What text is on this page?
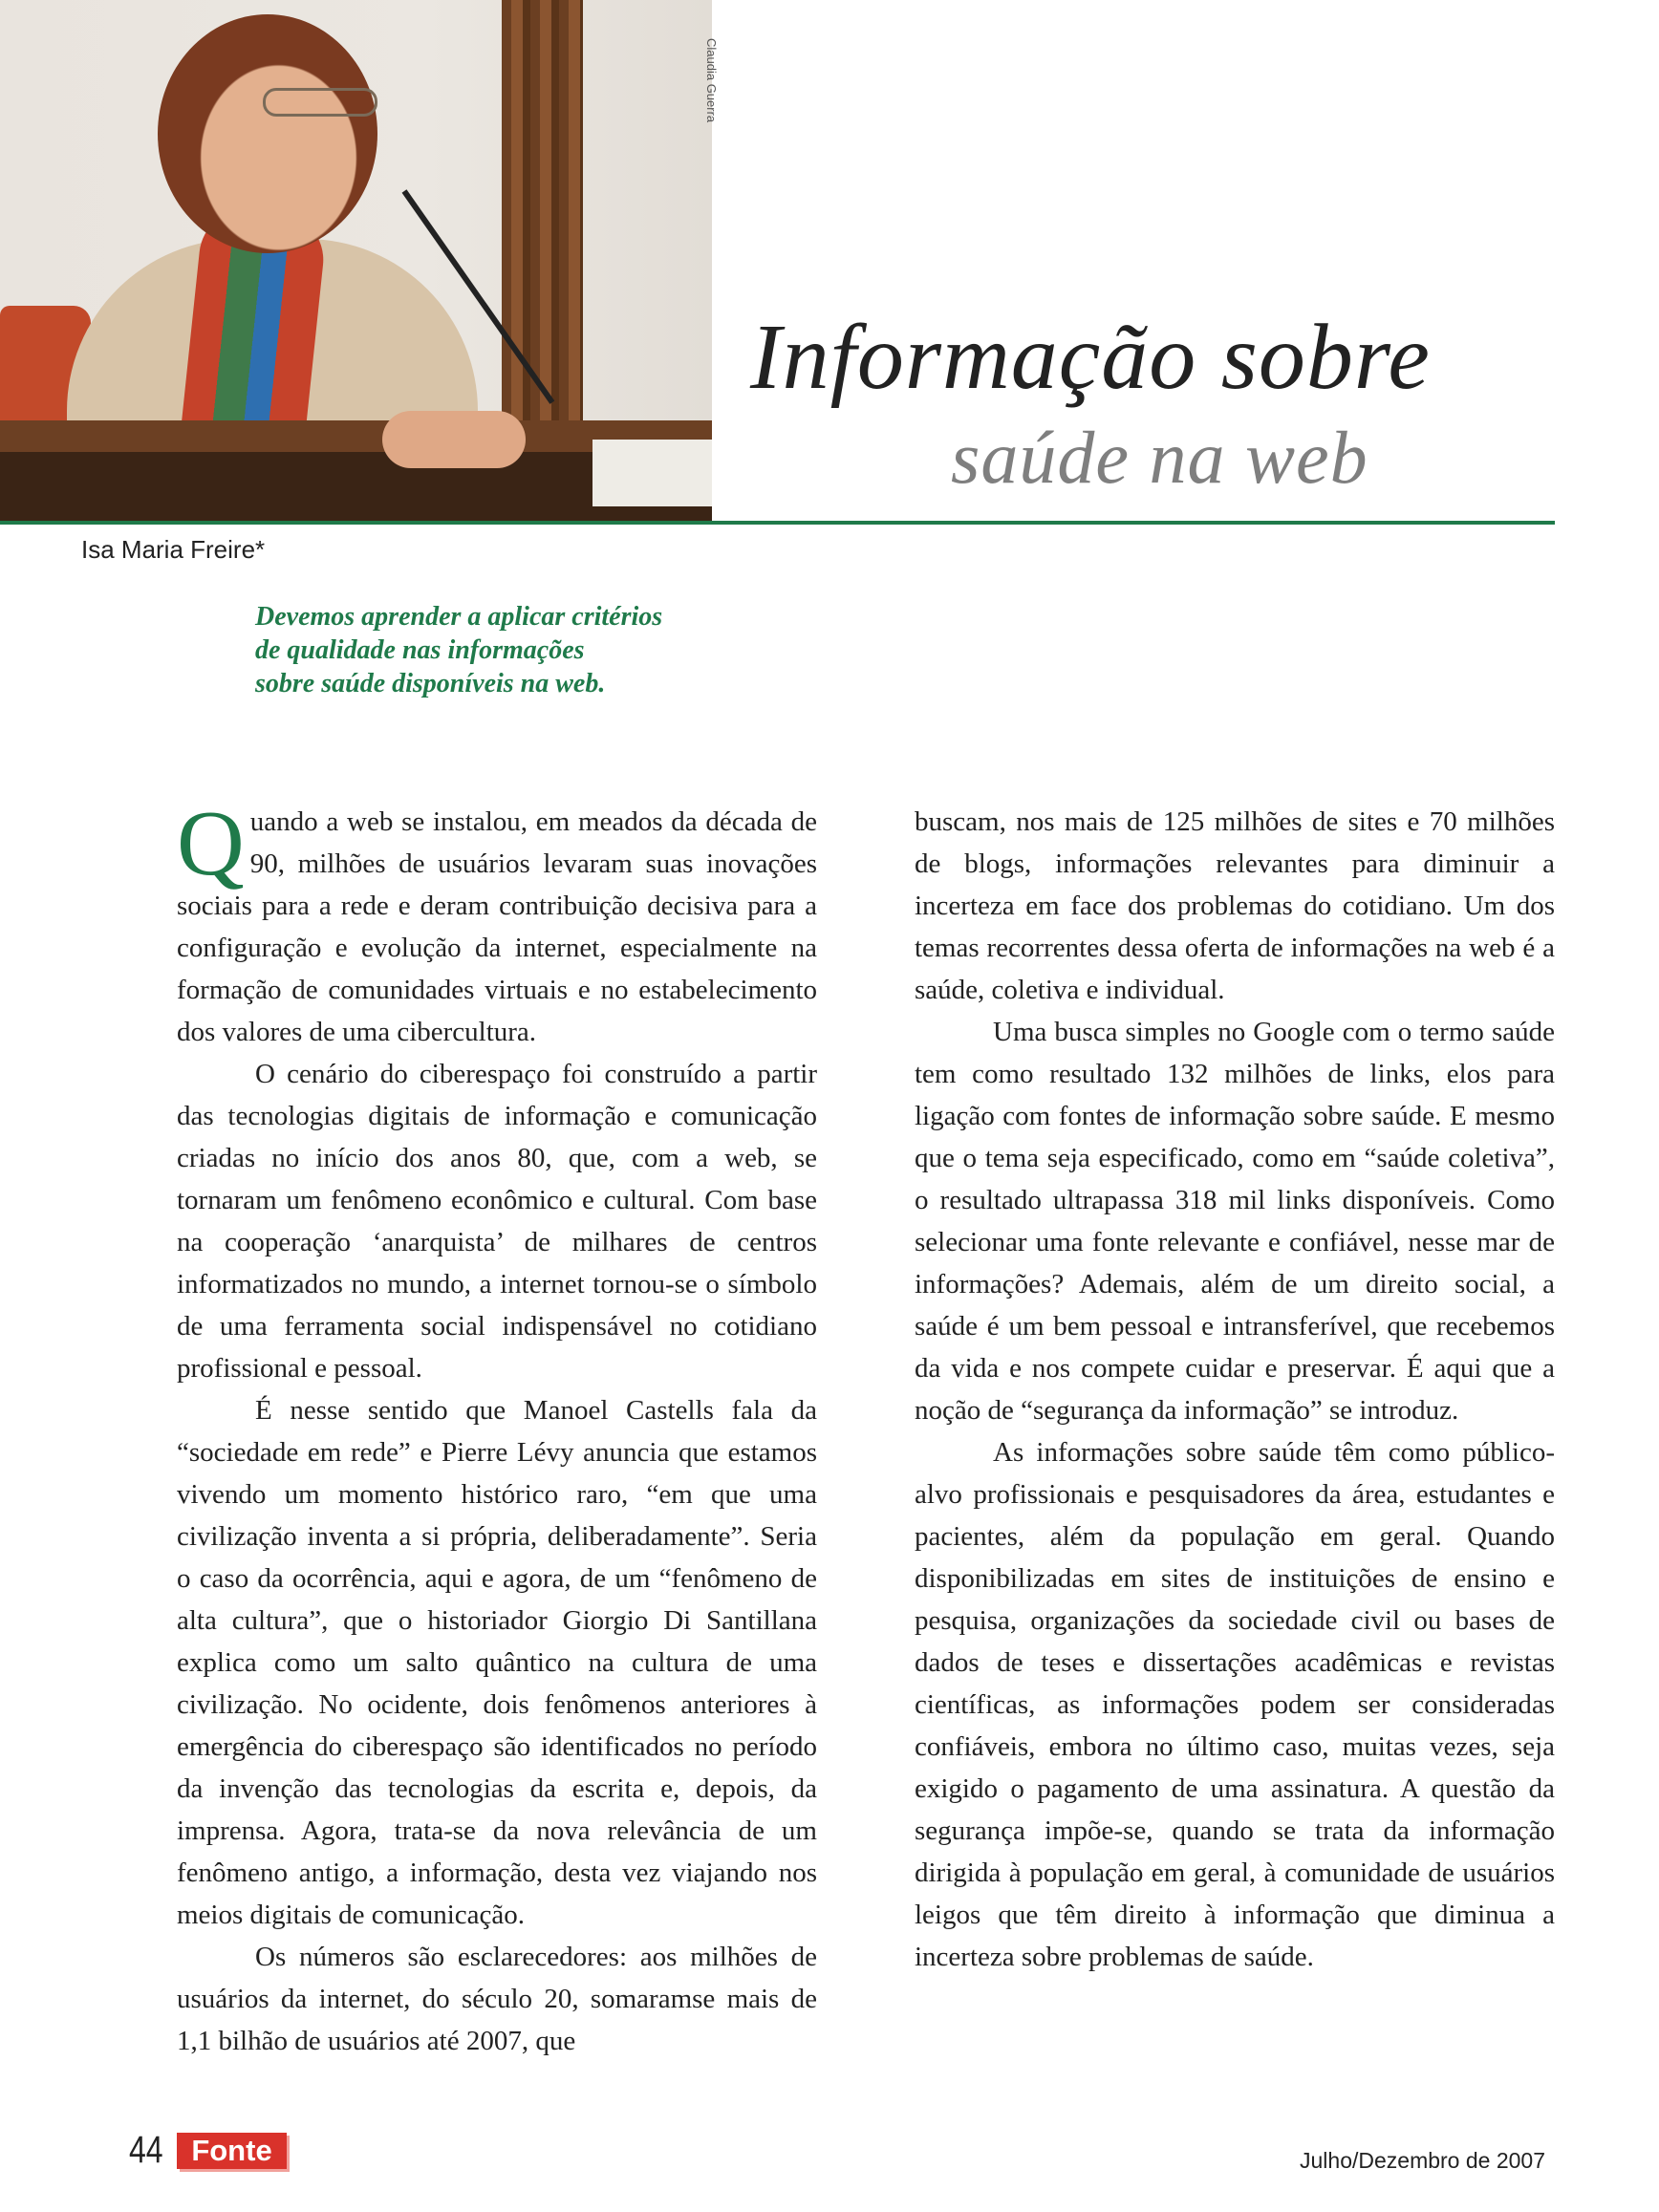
Claudia Guerra
Informação sobre
saúde na web
Isa Maria Freire*
Devemos aprender a aplicar critérios
de qualidade nas informações
sobre saúde disponíveis na web.

Quando a web se instalou, em meados da década de 90, milhões de usuários levaram suas inovações sociais para a rede e deram contribuição decisiva para a configuração e evolução da internet, especialmente na formação de comunidades virtuais e no estabelecimento dos valores de uma cibercultura.

O cenário do ciberespaço foi construído a partir das tecnologias digitais de informação e comunicação criadas no início dos anos 80, que, com a web, se tornaram um fenômeno econômico e cultural. Com base na cooperação ‘anarquista’ de milhares de centros informatizados no mundo, a internet tornou-se o símbolo de uma ferramenta social indispensável no cotidiano profissional e pessoal.

É nesse sentido que Manoel Castells fala da “sociedade em rede” e Pierre Lévy anuncia que estamos vivendo um momento histórico raro, “em que uma civilização inventa a si própria, deliberadamente”. Seria o caso da ocorrência, aqui e agora, de um “fenômeno de alta cultura”, que o historiador Giorgio Di Santillana explica como um salto quântico na cultura de uma civilização. No ocidente, dois fenômenos anteriores à emergência do ciberespaço são identificados no período da invenção das tecnologias da escrita e, depois, da imprensa. Agora, trata-se da nova relevância de um fenômeno antigo, a informação, desta vez viajando nos meios digitais de comunicação.

Os números são esclarecedores: aos milhões de usuários da internet, do século 20, somaramse mais de 1,1 bilhão de usuários até 2007, que

buscam, nos mais de 125 milhões de sites e 70 milhões de blogs, informações relevantes para diminuir a incerteza em face dos problemas do cotidiano. Um dos temas recorrentes dessa oferta de informações na web é a saúde, coletiva e individual.

Uma busca simples no Google com o termo saúde tem como resultado 132 milhões de links, elos para ligação com fontes de informação sobre saúde. E mesmo que o tema seja especificado, como em “saúde coletiva”, o resultado ultrapassa 318 mil links disponíveis. Como selecionar uma fonte relevante e confiável, nesse mar de informações? Ademais, além de um direito social, a saúde é um bem pessoal e intransferível, que recebemos da vida e nos compete cuidar e preservar. É aqui que a noção de “segurança da informação” se introduz.

As informações sobre saúde têm como público-alvo profissionais e pesquisadores da área, estudantes e pacientes, além da população em geral. Quando disponibilizadas em sites de instituições de ensino e pesquisa, organizações da sociedade civil ou bases de dados de teses e dissertações acadêmicas e revistas científicas, as informações podem ser consideradas confiáveis, embora no último caso, muitas vezes, seja exigido o pagamento de uma assinatura. A questão da segurança impõe-se, quando se trata da informação dirigida à população em geral, à comunidade de usuários leigos que têm direito à informação que diminua a incerteza sobre problemas de saúde.

44 Fonte	Julho/Dezembro de 2007
